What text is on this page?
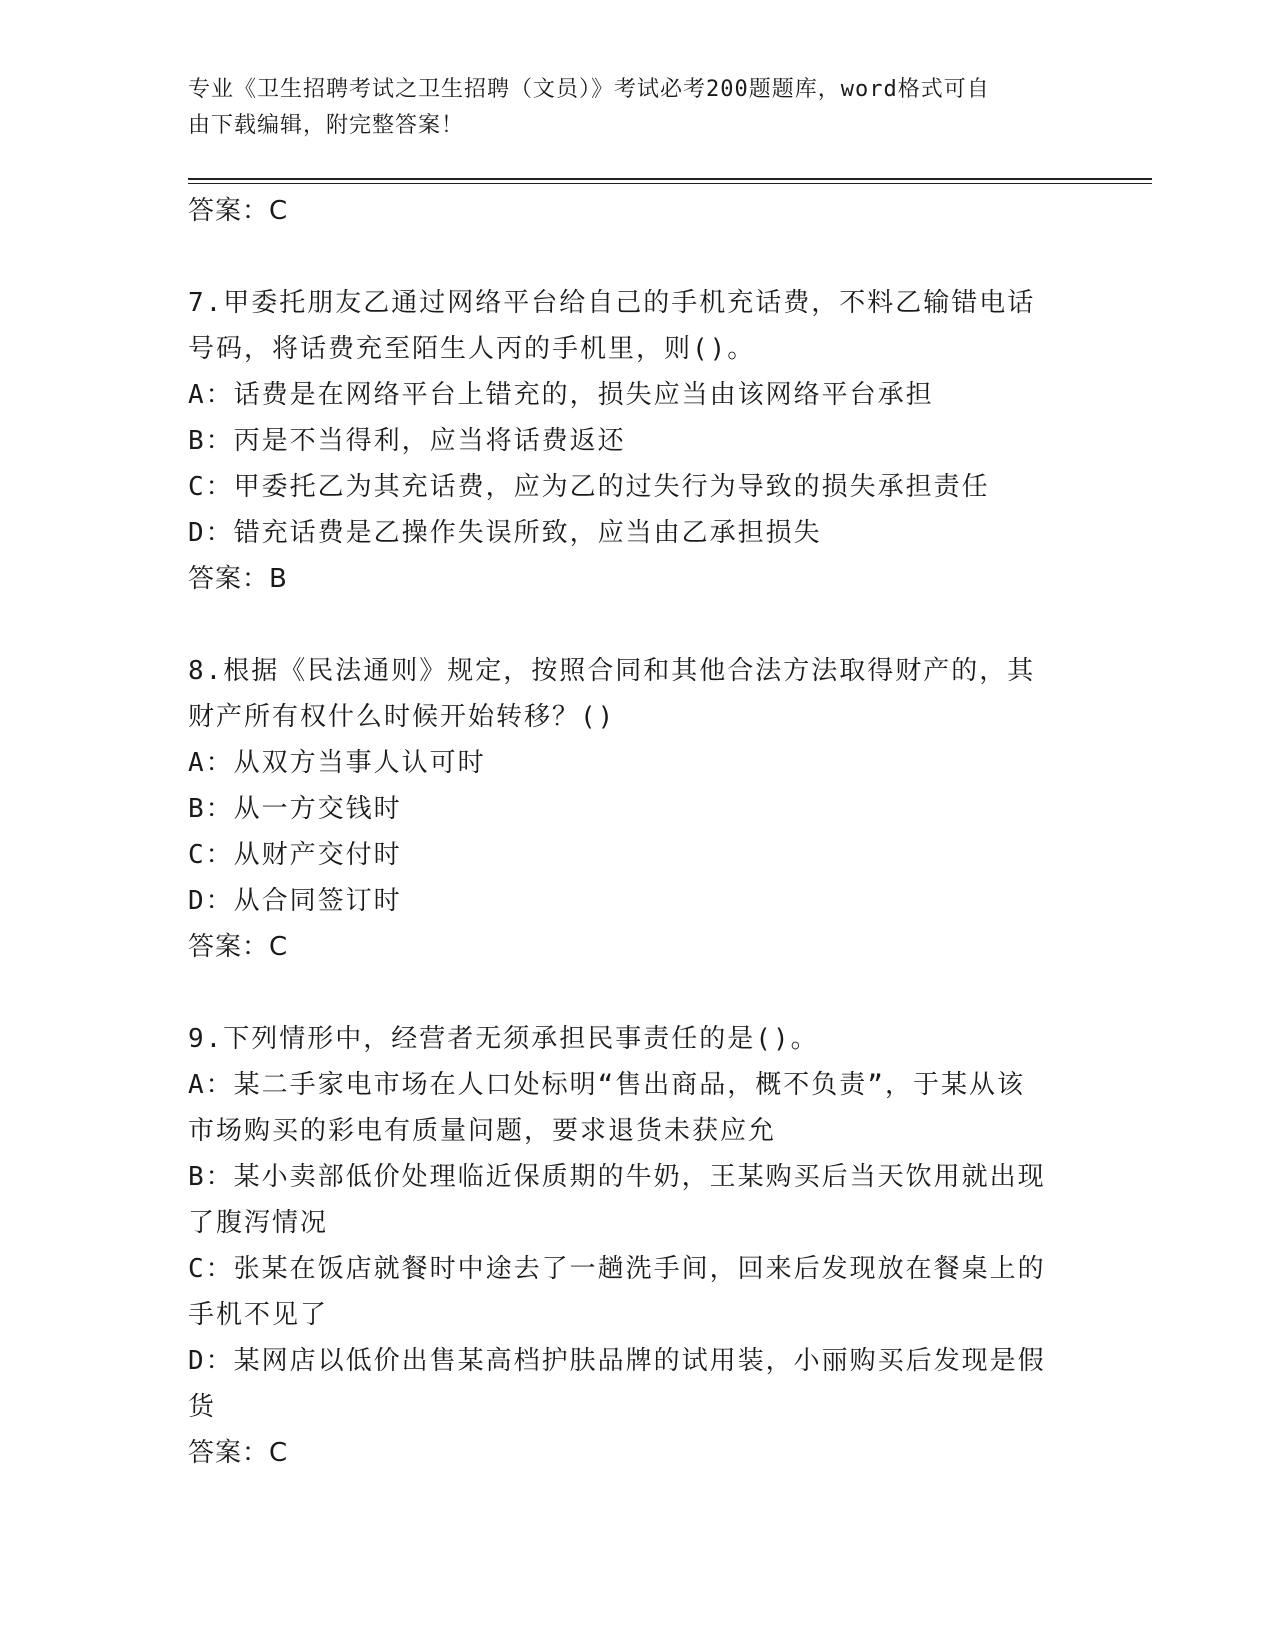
专业《卫生招聘考试之卫生招聘（文员）》考试必考200题题库，word格式可自
由下载编辑，附完整答案！
答案：C
7.甲委托朋友乙通过网络平台给自己的手机充话费，不料乙输错电话
号码，将话费充至陌生人丙的手机里，则()。
A：话费是在网络平台上错充的，损失应当由该网络平台承担
B：丙是不当得利，应当将话费返还
C：甲委托乙为其充话费，应为乙的过失行为导致的损失承担责任
D：错充话费是乙操作失误所致，应当由乙承担损失
答案：B
8.根据《民法通则》规定，按照合同和其他合法方法取得财产的，其
财产所有权什么时候开始转移？()
A：从双方当事人认可时
B：从一方交钱时
C：从财产交付时
D：从合同签订时
答案：C
9.下列情形中，经营者无须承担民事责任的是()。
A：某二手家电市场在人口处标明“售出商品，概不负责”，于某从该
市场购买的彩电有质量问题，要求退货未获应允
B：某小卖部低价处理临近保质期的牛奶，王某购买后当天饮用就出现
了腹泻情况
C：张某在饭店就餐时中途去了一趟洗手间，回来后发现放在餐桌上的
手机不见了
D：某网店以低价出售某高档护肤品牌的试用装，小丽购买后发现是假
货
答案：C
